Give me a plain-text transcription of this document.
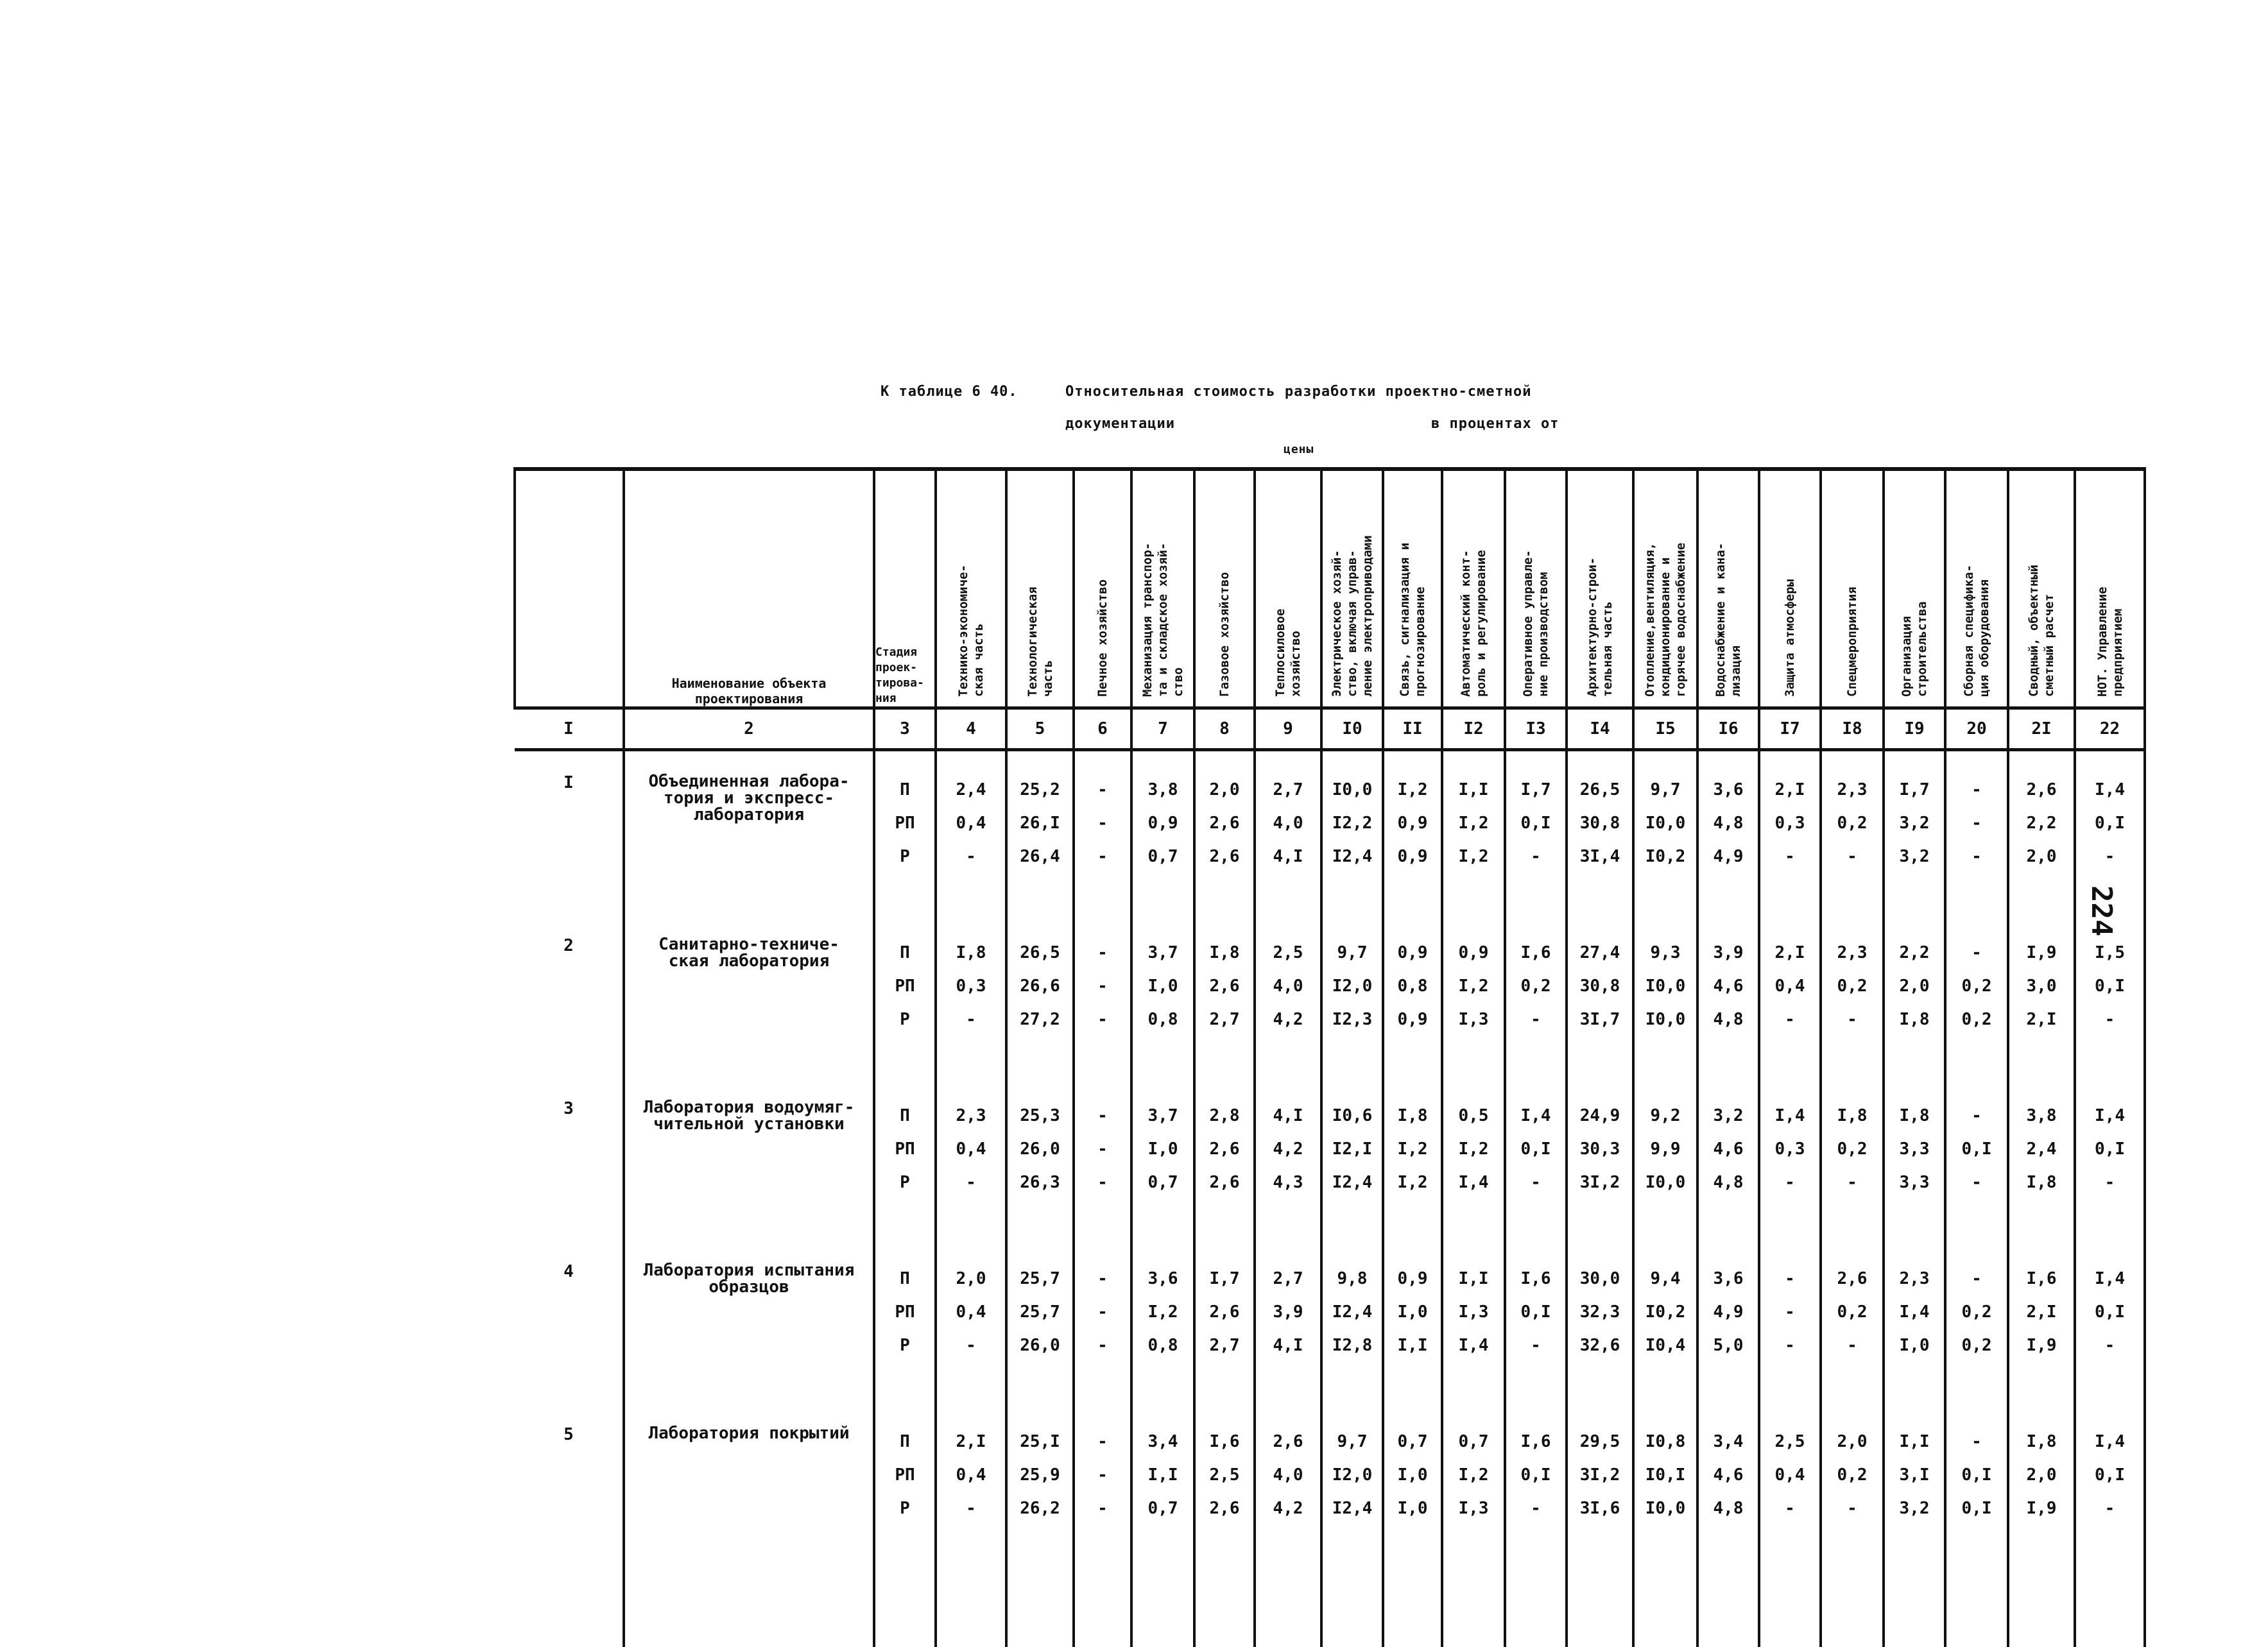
К таблице 6 40.	Относительная стоимость разработки проектно-сметной
документации	в процентах от
цены
224

	Наименование объекта
проектирования	Стадия
проек-
тирова-
ния	Технико-экономиче-
ская часть	Технологическая
часть	Печное хозяйство	Механизация транспор-
та и складское хозяй-
ство	Газовое хозяйство	Теплосиловое
хозяйство	Электрическое хозяй-
ство, включая управ-
ление электроприводами	Связь, сигнализация и
прогнозирование	Автоматический конт-
роль и регулирование	Оперативное управле-
ние производством	Архитектурно-строи-
тельная часть	Отопление,вентиляция,
кондиционирование и
горячее водоснабжение	Водоснабжение и кана-
лизация	Защита атмосферы	Спецмероприятия	Организация
строительства	Сборная специфика-
ция оборудования	Сводный, объектный
сметный расчет	НОТ. Управление
предприятием
I	2	3	4	5	6	7	8	9	I0	II	I2	I3	I4	I5	I6	I7	I8	I9	20	2I	22

I	Объединенная лабора-
тория и экспресс-
лаборатория	П	2,4	25,2	-	3,8	2,0	2,7	I0,0	I,2	I,I	I,7	26,5	9,7	3,6	2,I	2,3	I,7	-	2,6	I,4
		РП	0,4	26,I	-	0,9	2,6	4,0	I2,2	0,9	I,2	0,I	30,8	I0,0	4,8	0,3	0,2	3,2	-	2,2	0,I
		Р	-	26,4	-	0,7	2,6	4,I	I2,4	0,9	I,2	-	3I,4	I0,2	4,9	-	-	3,2	-	2,0	-

2	Санитарно-техниче-
ская лаборатория	П	I,8	26,5	-	3,7	I,8	2,5	9,7	0,9	0,9	I,6	27,4	9,3	3,9	2,I	2,3	2,2	-	I,9	I,5
		РП	0,3	26,6	-	I,0	2,6	4,0	I2,0	0,8	I,2	0,2	30,8	I0,0	4,6	0,4	0,2	2,0	0,2	3,0	0,I
		Р	-	27,2	-	0,8	2,7	4,2	I2,3	0,9	I,3	-	3I,7	I0,0	4,8	-	-	I,8	0,2	2,I	-

3	Лаборатория водоумяг-
чительной установки	П	2,3	25,3	-	3,7	2,8	4,I	I0,6	I,8	0,5	I,4	24,9	9,2	3,2	I,4	I,8	I,8	-	3,8	I,4
		РП	0,4	26,0	-	I,0	2,6	4,2	I2,I	I,2	I,2	0,I	30,3	9,9	4,6	0,3	0,2	3,3	0,I	2,4	0,I
		Р	-	26,3	-	0,7	2,6	4,3	I2,4	I,2	I,4	-	3I,2	I0,0	4,8	-	-	3,3	-	I,8	-

4	Лаборатория испытания
образцов	П	2,0	25,7	-	3,6	I,7	2,7	9,8	0,9	I,I	I,6	30,0	9,4	3,6	-	2,6	2,3	-	I,6	I,4
		РП	0,4	25,7	-	I,2	2,6	3,9	I2,4	I,0	I,3	0,I	32,3	I0,2	4,9	-	0,2	I,4	0,2	2,I	0,I
		Р	-	26,0	-	0,8	2,7	4,I	I2,8	I,I	I,4	-	32,6	I0,4	5,0	-	-	I,0	0,2	I,9	-

5	Лаборатория покрытий	П	2,I	25,I	-	3,4	I,6	2,6	9,7	0,7	0,7	I,6	29,5	I0,8	3,4	2,5	2,0	I,I	-	I,8	I,4
		РП	0,4	25,9	-	I,I	2,5	4,0	I2,0	I,0	I,2	0,I	3I,2	I0,I	4,6	0,4	0,2	3,I	0,I	2,0	0,I
		Р	-	26,2	-	0,7	2,6	4,2	I2,4	I,0	I,3	-	3I,6	I0,0	4,8	-	-	3,2	0,I	I,9	-
